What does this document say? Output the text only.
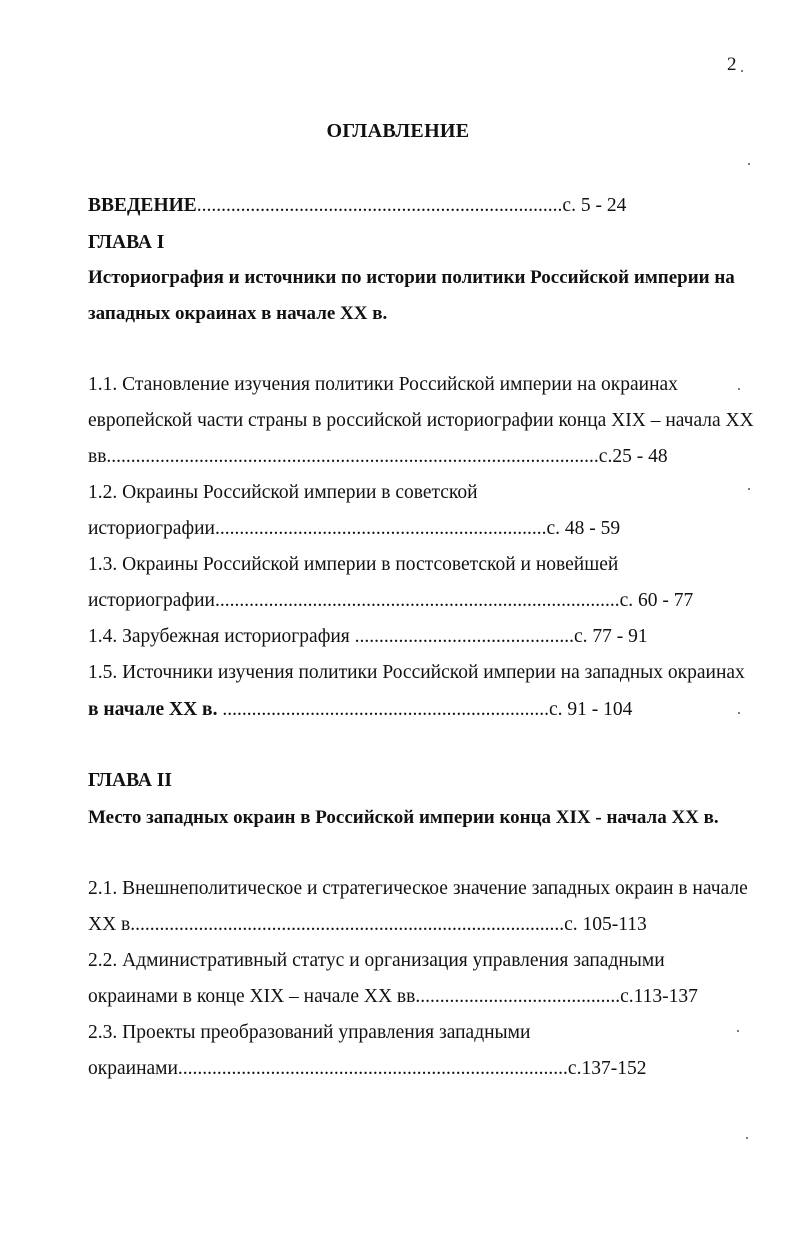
2
ОГЛАВЛЕНИЕ
ВВЕДЕНИЕ...........................................................................с. 5 - 24
ГЛАВА I
Историография и источники по истории политики Российской империи на
западных окраинах в начале XX в.
1.1. Становление изучения политики Российской империи на окраинах
европейской части страны в российской историографии конца XIX – начала XX
вв.....................................................................................................с.25 - 48
1.2. Окраины Российской империи в советской
историографии....................................................................с. 48 - 59
1.3. Окраины Российской империи в постсоветской и новейшей
историографии...................................................................................с. 60 - 77
1.4. Зарубежная историография .............................................с. 77 - 91
1.5. Источники изучения политики Российской империи на западных окраинах
в начале XX в. ...................................................................с. 91 - 104
ГЛАВА II
Место западных окраин в Российской империи конца XIX - начала XX в.
2.1. Внешнеполитическое и стратегическое значение западных окраин в начале
XX в.........................................................................................с. 105-113
2.2. Административный статус и организация управления западными
окраинами в конце XIX – начале XX вв..........................................с.113-137
2.3. Проекты преобразований управления западными
окраинами................................................................................с.137-152
